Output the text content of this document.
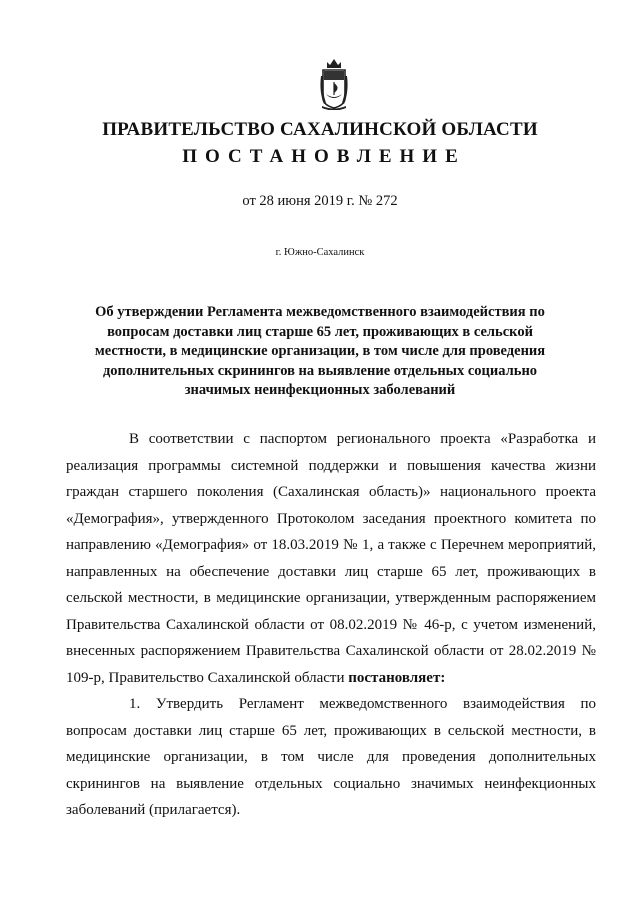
ПРАВИТЕЛЬСТВО САХАЛИНСКОЙ ОБЛАСТИ
ПОСТАНОВЛЕНИЕ
от 28 июня 2019 г. № 272
г. Южно-Сахалинск
Об утверждении Регламента межведомственного взаимодействия по вопросам доставки лиц старше 65 лет, проживающих в сельской местности, в медицинские организации, в том числе для проведения дополнительных скринингов на выявление отдельных социально значимых неинфекционных заболеваний

В соответствии с паспортом регионального проекта «Разработка и реализация программы системной поддержки и повышения качества жизни граждан старшего поколения (Сахалинская область)» национального проекта «Демография», утвержденного Протоколом заседания проектного комитета по направлению «Демография» от 18.03.2019 № 1, а также с Перечнем мероприятий, направленных на обеспечение доставки лиц старше 65 лет, проживающих в сельской местности, в медицинские организации, утвержденным распоряжением Правительства Сахалинской области от 08.02.2019 № 46-р, с учетом изменений, внесенных распоряжением Правительства Сахалинской области от 28.02.2019 № 109-р, Правительство Сахалинской области постановляет:

1. Утвердить Регламент межведомственного взаимодействия по вопросам доставки лиц старше 65 лет, проживающих в сельской местности, в медицинские организации, в том числе для проведения дополнительных скринингов на выявление отдельных социально значимых неинфекционных заболеваний (прилагается).
